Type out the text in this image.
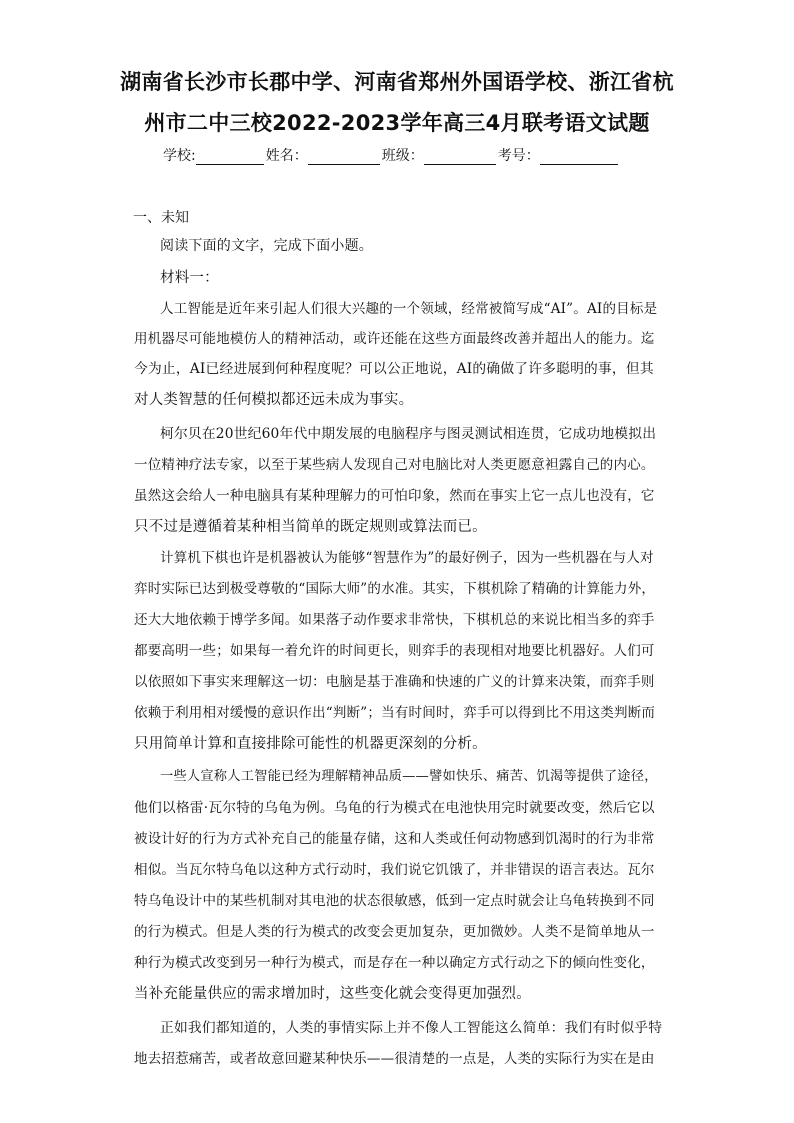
湖南省长沙市长郡中学、河南省郑州外国语学校、浙江省杭
州市二中三校2022-2023学年高三4月联考语文试题
学校:	姓名：	班级：	考号：
一、未知
阅读下面的文字，完成下面小题。
材料一：
人工智能是近年来引起人们很大兴趣的一个领域，经常被简写成“AI”。AI的目标是
用机器尽可能地模仿人的精神活动，或许还能在这些方面最终改善并超出人的能力。迄
今为止，AI已经进展到何种程度呢？可以公正地说，AI的确做了许多聪明的事，但其
对人类智慧的任何模拟都还远未成为事实。
柯尔贝在20世纪60年代中期发展的电脑程序与图灵测试相连贯，它成功地模拟出
一位精神疗法专家，以至于某些病人发现自己对电脑比对人类更愿意袒露自己的内心。
虽然这会给人一种电脑具有某种理解力的可怕印象，然而在事实上它一点儿也没有，它
只不过是遵循着某种相当简单的既定规则或算法而已。
计算机下棋也许是机器被认为能够“智慧作为”的最好例子，因为一些机器在与人对
弈时实际已达到极受尊敬的“国际大师”的水准。其实，下棋机除了精确的计算能力外，
还大大地依赖于博学多闻。如果落子动作要求非常快，下棋机总的来说比相当多的弈手
都要高明一些；如果每一着允许的时间更长，则弈手的表现相对地要比机器好。人们可
以依照如下事实来理解这一切：电脑是基于准确和快速的广义的计算来决策，而弈手则
依赖于利用相对缓慢的意识作出“判断”；当有时间时，弈手可以得到比不用这类判断而
只用简单计算和直接排除可能性的机器更深刻的分析。
一些人宣称人工智能已经为理解精神品质——譬如快乐、痛苦、饥渴等提供了途径，
他们以格雷·瓦尔特的乌龟为例。乌龟的行为模式在电池快用完时就要改变，然后它以
被设计好的行为方式补充自己的能量存储，这和人类或任何动物感到饥渴时的行为非常
相似。当瓦尔特乌龟以这种方式行动时，我们说它饥饿了，并非错误的语言表达。瓦尔
特乌龟设计中的某些机制对其电池的状态很敏感，低到一定点时就会让乌龟转换到不同
的行为模式。但是人类的行为模式的改变会更加复杂，更加微妙。人类不是简单地从一
种行为模式改变到另一种行为模式，而是存在一种以确定方式行动之下的倾向性变化，
当补充能量供应的需求增加时，这些变化就会变得更加强烈。
正如我们都知道的，人类的事情实际上并不像人工智能这么简单：我们有时似乎特
地去招惹痛苦，或者故意回避某种快乐——很清楚的一点是，人类的实际行为实在是由
